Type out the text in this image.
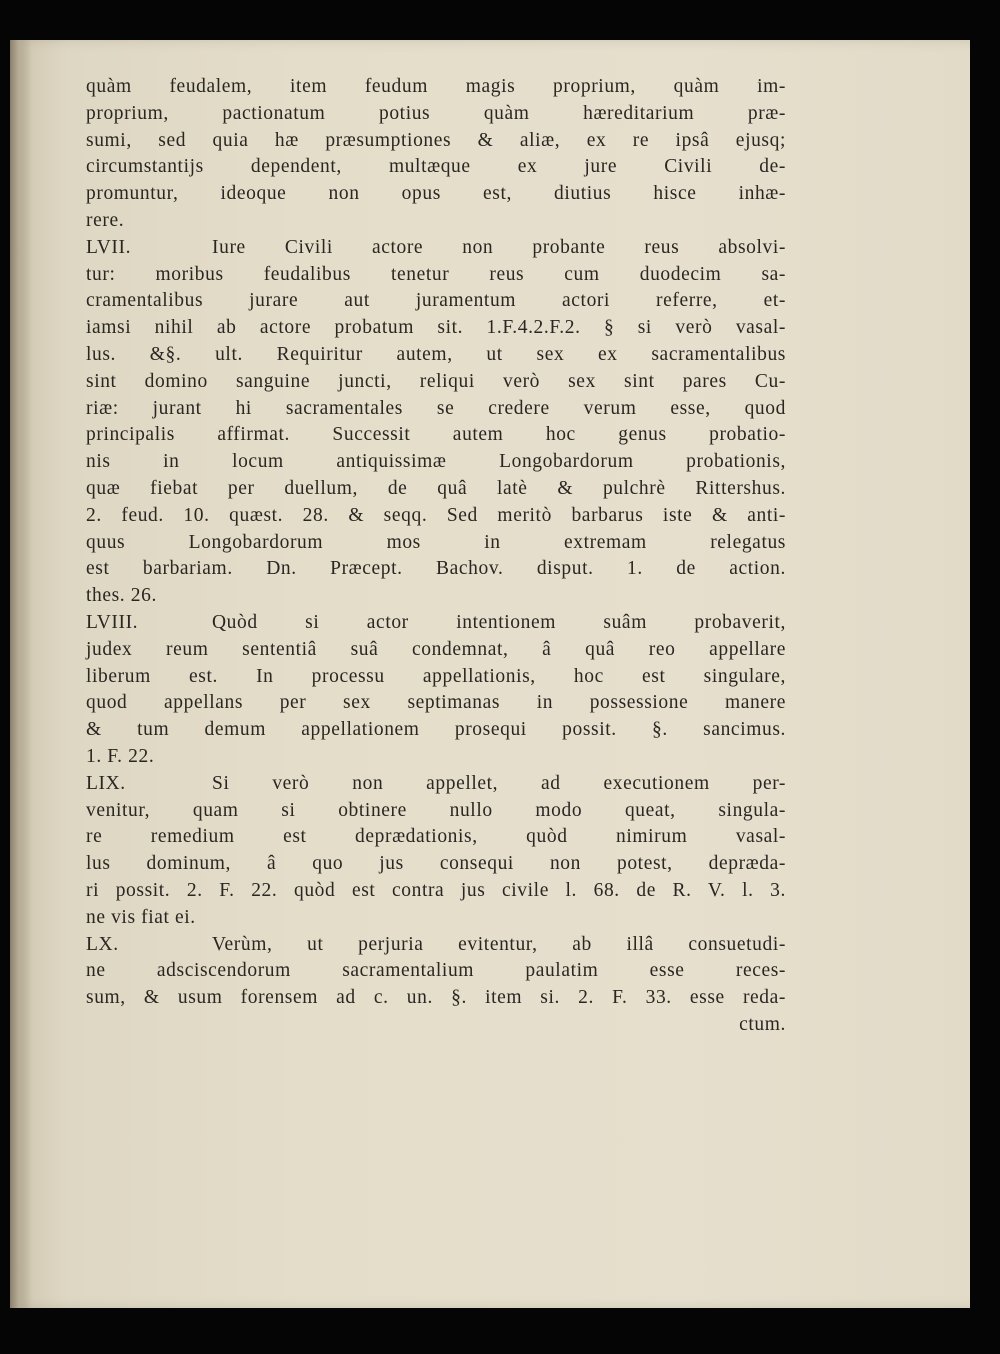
quàm feudalem, item feudum magis proprium, quàm im-
proprium, pactionatum potius quàm hæreditarium præ-
sumi, sed quia hæ præsumptiones & aliæ, ex re ipsâ ejusq;
circumstantijs dependent, multæque ex jure Civili de-
promuntur, ideoque non opus est, diutius hisce inhæ-
rere.
LVII.	Iure Civili actore non probante reus absolvi-
tur: moribus feudalibus tenetur reus cum duodecim sa-
cramentalibus jurare aut juramentum actori referre, et-
iamsi nihil ab actore probatum sit. 1.F.4.2.F.2. § si verò vasal-
lus. &§. ult. Requiritur autem, ut sex ex sacramentalibus
sint domino sanguine juncti, reliqui verò sex sint pares Cu-
riæ: jurant hi sacramentales se credere verum esse, quod
principalis affirmat. Successit autem hoc genus probatio-
nis in locum antiquissimæ Longobardorum probationis,
quæ fiebat per duellum, de quâ latè & pulchrè Rittershus.
2. feud. 10. quæst. 28. & seqq. Sed meritò barbarus iste & anti-
quus Longobardorum mos in extremam relegatus
est barbariam. Dn. Præcept. Bachov. disput. 1. de action.
thes. 26.
LVIII.	Quòd si actor intentionem suâm probaverit,
judex reum sententiâ suâ condemnat, â quâ reo appellare
liberum est. In processu appellationis, hoc est singulare,
quod appellans per sex septimanas in possessione manere
& tum demum appellationem prosequi possit. §. sancimus.
1. F. 22.
LIX.	Si verò non appellet, ad executionem per-
venitur, quam si obtinere nullo modo queat, singula-
re remedium est deprædationis, quòd nimirum vasal-
lus dominum, â quo jus consequi non potest, deprædа-
ri possit. 2. F. 22. quòd est contra jus civile l. 68. de R. V. l. 3.
ne vis fiat ei.
LX.	Verùm, ut perjuria evitentur, ab illâ consuetudi-
ne adsciscendorum sacramentalium paulatim esse reces-
sum, & usum forensem ad c. un. §. item si. 2. F. 33. esse reda-
ctum.
